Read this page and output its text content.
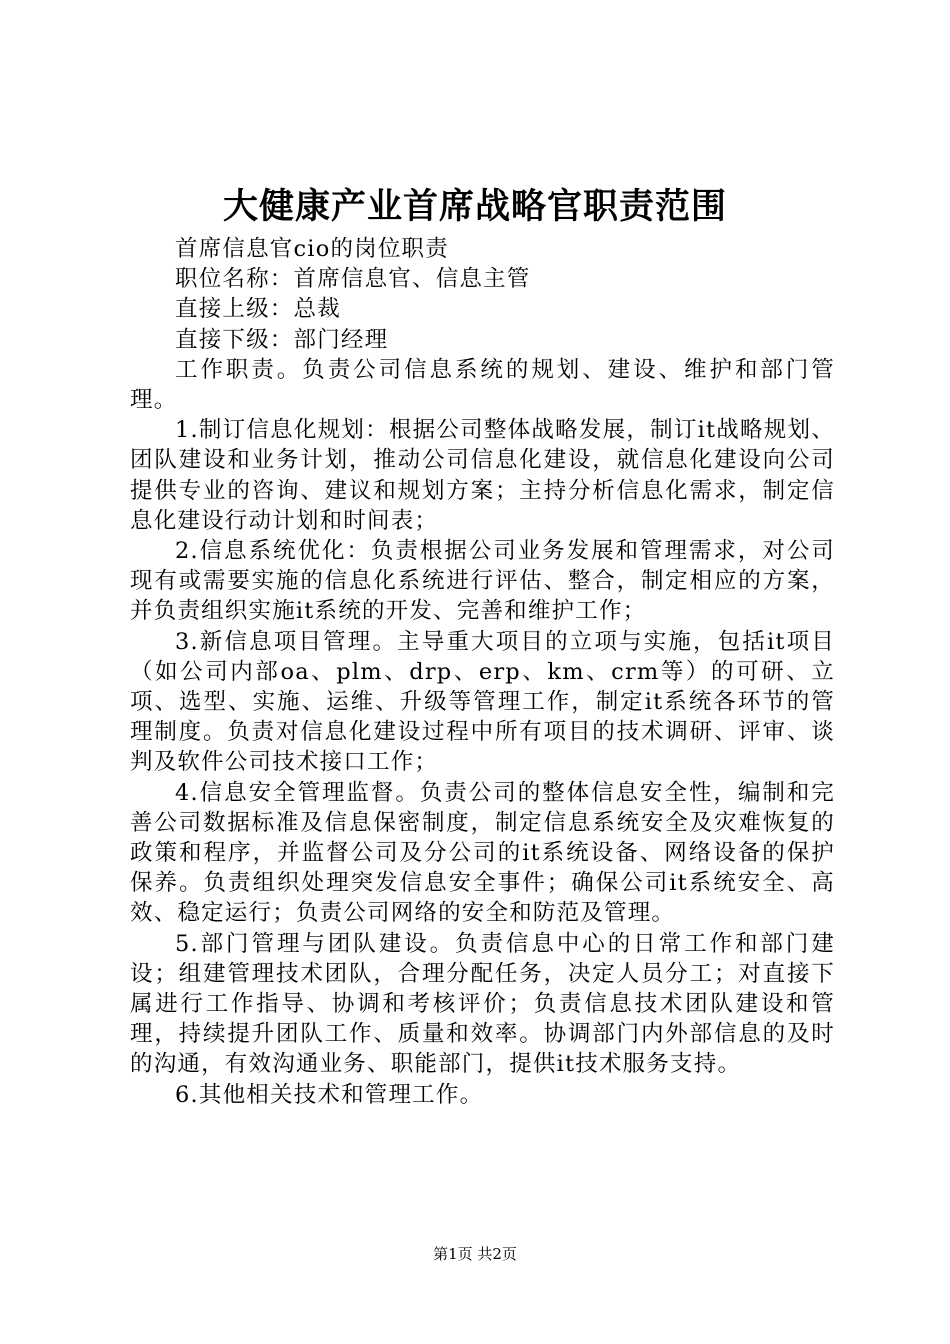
大健康产业首席战略官职责范围

首席信息官cio的岗位职责

职位名称：首席信息官、信息主管

直接上级：总裁

直接下级：部门经理

工作职责。负责公司信息系统的规划、建设、维护和部门管理。

1.制订信息化规划：根据公司整体战略发展，制订it战略规划、团队建设和业务计划，推动公司信息化建设，就信息化建设向公司提供专业的咨询、建议和规划方案；主持分析信息化需求，制定信息化建设行动计划和时间表；

2.信息系统优化：负责根据公司业务发展和管理需求，对公司现有或需要实施的信息化系统进行评估、整合，制定相应的方案，并负责组织实施it系统的开发、完善和维护工作；

3.新信息项目管理。主导重大项目的立项与实施，包括it项目（如公司内部oa、plm、drp、erp、km、crm等）的可研、立项、选型、实施、运维、升级等管理工作，制定it系统各环节的管理制度。负责对信息化建设过程中所有项目的技术调研、评审、谈判及软件公司技术接口工作；

4.信息安全管理监督。负责公司的整体信息安全性，编制和完善公司数据标准及信息保密制度，制定信息系统安全及灾难恢复的政策和程序，并监督公司及分公司的it系统设备、网络设备的保护保养。负责组织处理突发信息安全事件；确保公司it系统安全、高效、稳定运行；负责公司网络的安全和防范及管理。

5.部门管理与团队建设。负责信息中心的日常工作和部门建设；组建管理技术团队，合理分配任务，决定人员分工；对直接下属进行工作指导、协调和考核评价；负责信息技术团队建设和管理，持续提升团队工作、质量和效率。协调部门内外部信息的及时的沟通，有效沟通业务、职能部门，提供it技术服务支持。

6.其他相关技术和管理工作。

第1页 共2页
